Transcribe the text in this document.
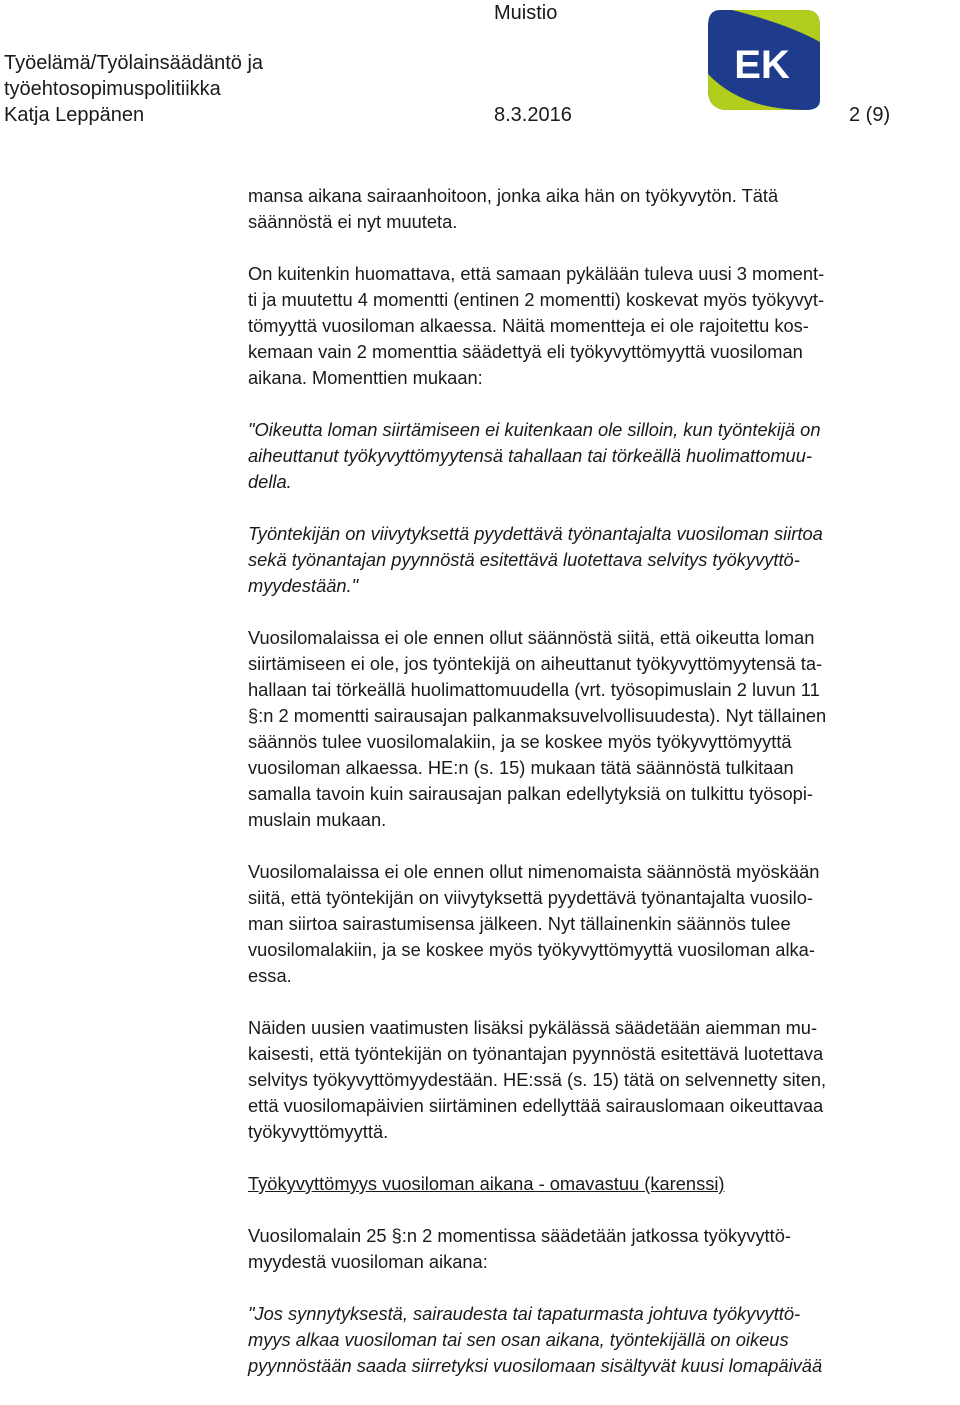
Muistio
Työelämä/Työlainsäädäntö ja
työehtosopimuspolitiikka
Katja Leppänen	8.3.2016	2 (9)
EK

mansa aikana sairaanhoitoon, jonka aika hän on työkyvytön. Tätä
säännöstä ei nyt muuteta.

On kuitenkin huomattava, että samaan pykälään tuleva uusi 3 moment-
ti ja muutettu 4 momentti (entinen 2 momentti) koskevat myös työkyvyt-
tömyyttä vuosiloman alkaessa. Näitä momentteja ei ole rajoitettu kos-
kemaan vain 2 momenttia säädettyä eli työkyvyttömyyttä vuosiloman
aikana. Momenttien mukaan:

"Oikeutta loman siirtämiseen ei kuitenkaan ole silloin, kun työntekijä on
aiheuttanut työkyvyttömyytensä tahallaan tai törkeällä huolimattomuu-
della.

Työntekijän on viivytyksettä pyydettävä työnantajalta vuosiloman siirtoa
sekä työnantajan pyynnöstä esitettävä luotettava selvitys työkyvyttö-
myydestään."

Vuosilomalaissa ei ole ennen ollut säännöstä siitä, että oikeutta loman
siirtämiseen ei ole, jos työntekijä on aiheuttanut työkyvyttömyytensä ta-
hallaan tai törkeällä huolimattomuudella (vrt. työsopimuslain 2 luvun 11
§:n 2 momentti sairausajan palkanmaksuvelvollisuudesta). Nyt tällainen
säännös tulee vuosilomalakiin, ja se koskee myös työkyvyttömyyttä
vuosiloman alkaessa. HE:n (s. 15) mukaan tätä säännöstä tulkitaan
samalla tavoin kuin sairausajan palkan edellytyksiä on tulkittu työsopi-
muslain mukaan.

Vuosilomalaissa ei ole ennen ollut nimenomaista säännöstä myöskään
siitä, että työntekijän on viivytyksettä pyydettävä työnantajalta vuosilo-
man siirtoa sairastumisensa jälkeen. Nyt tällainenkin säännös tulee
vuosilomalakiin, ja se koskee myös työkyvyttömyyttä vuosiloman alka-
essa.

Näiden uusien vaatimusten lisäksi pykälässä säädetään aiemman mu-
kaisesti, että työntekijän on työnantajan pyynnöstä esitettävä luotettava
selvitys työkyvyttömyydestään. HE:ssä (s. 15) tätä on selvennetty siten,
että vuosilomapäivien siirtäminen edellyttää sairauslomaan oikeuttavaa
työkyvyttömyyttä.

Työkyvyttömyys vuosiloman aikana - omavastuu (karenssi)

Vuosilomalain 25 §:n 2 momentissa säädetään jatkossa työkyvyttö-
myydestä vuosiloman aikana:

"Jos synnytyksestä, sairaudesta tai tapaturmasta johtuva työkyvyttö-
myys alkaa vuosiloman tai sen osan aikana, työntekijällä on oikeus
pyynnöstään saada siirretyksi vuosilomaan sisältyvät kuusi lomapäivää
